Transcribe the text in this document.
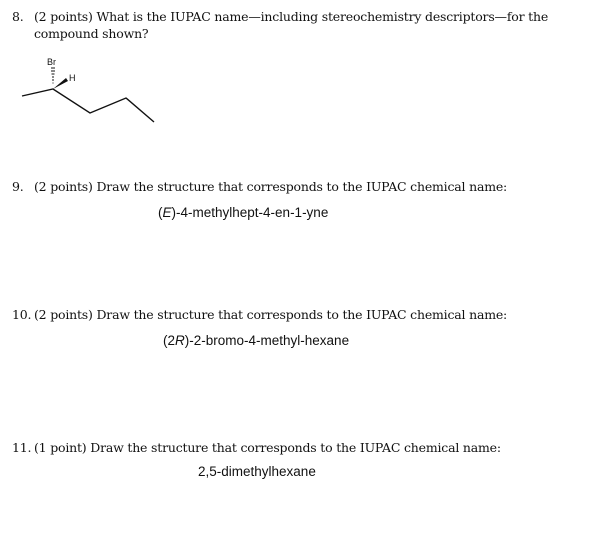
8. (2 points) What is the IUPAC name—including stereochemistry descriptors—for the
compound shown?
Br
H
9. (2 points) Draw the structure that corresponds to the IUPAC chemical name:
(E)-4-methylhept-4-en-1-yne
10. (2 points) Draw the structure that corresponds to the IUPAC chemical name:
(2R)-2-bromo-4-methyl-hexane
11. (1 point) Draw the structure that corresponds to the IUPAC chemical name:
2,5-dimethylhexane
